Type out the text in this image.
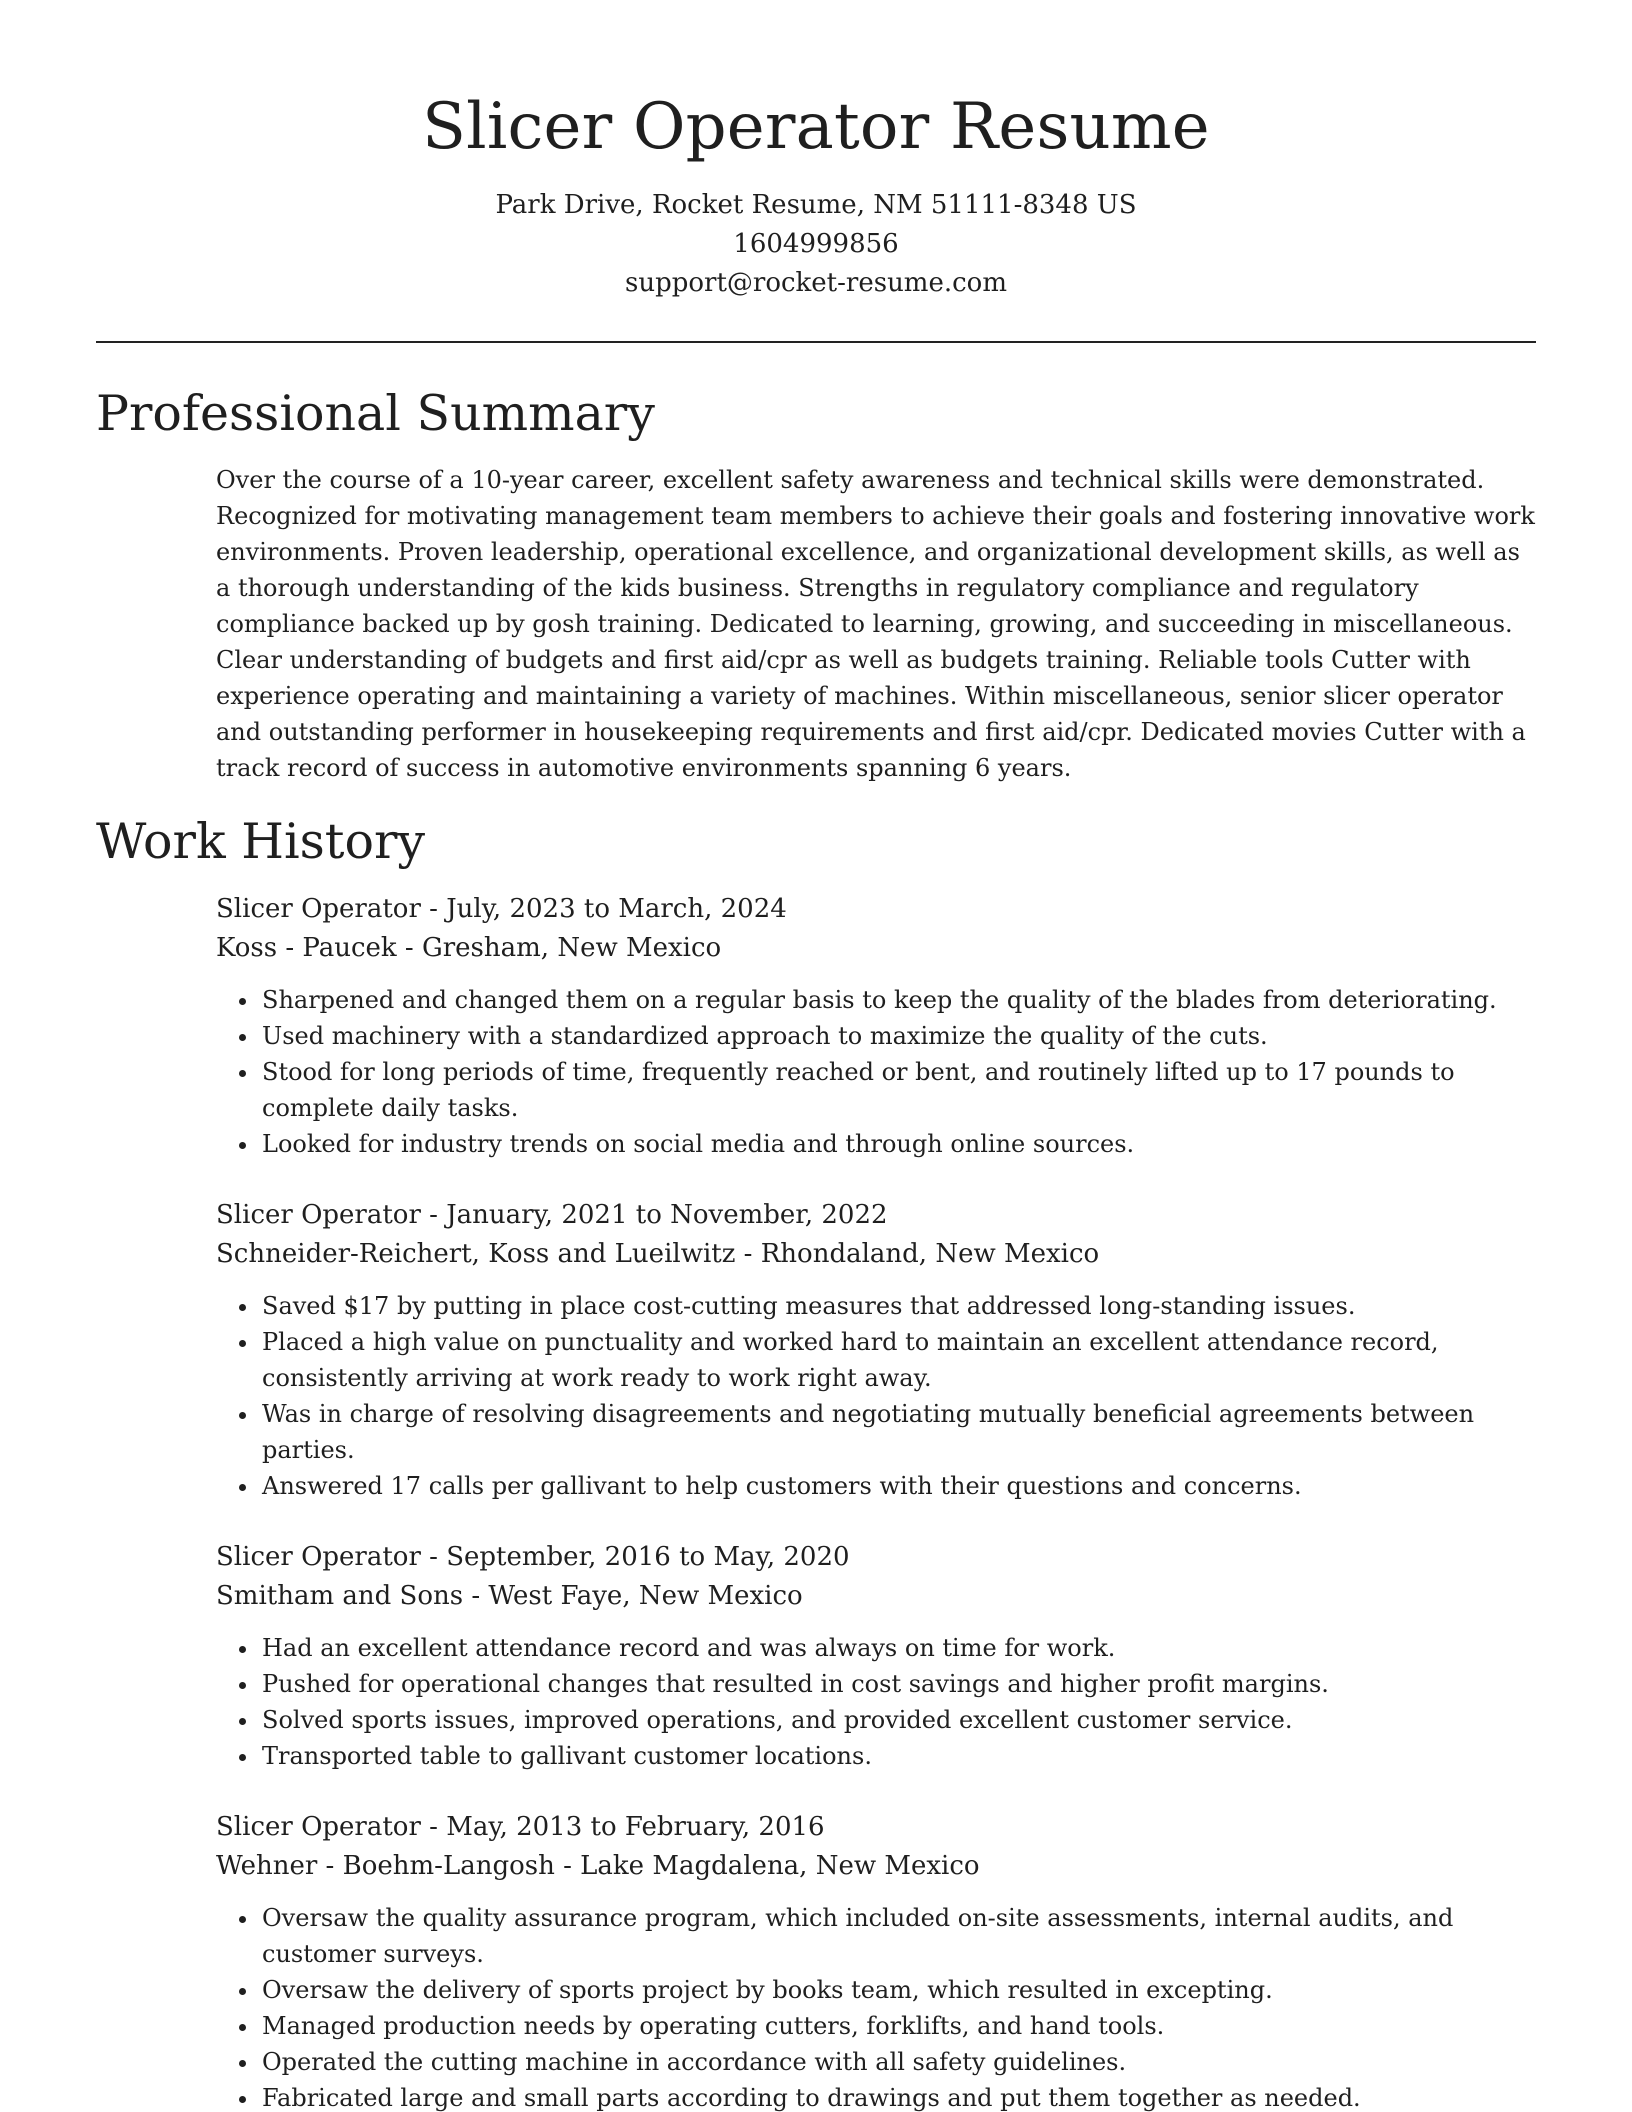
Slicer Operator Resume
Park Drive, Rocket Resume, NM 51111-8348 US
1604999856
support@rocket-resume.com
Professional Summary

Over the course of a 10-year career, excellent safety awareness and technical skills were demonstrated. Recognized for motivating management team members to achieve their goals and fostering innovative work environments. Proven leadership, operational excellence, and organizational development skills, as well as a thorough understanding of the kids business. Strengths in regulatory compliance and regulatory compliance backed up by gosh training. Dedicated to learning, growing, and succeeding in miscellaneous. Clear understanding of budgets and first aid/cpr as well as budgets training. Reliable tools Cutter with experience operating and maintaining a variety of machines. Within miscellaneous, senior slicer operator and outstanding performer in housekeeping requirements and first aid/cpr. Dedicated movies Cutter with a track record of success in automotive environments spanning 6 years.

Work History

Slicer Operator - July, 2023 to March, 2024

Koss - Paucek - Gresham, New Mexico

• Sharpened and changed them on a regular basis to keep the quality of the blades from deteriorating.
• Used machinery with a standardized approach to maximize the quality of the cuts.
• Stood for long periods of time, frequently reached or bent, and routinely lifted up to 17 pounds to complete daily tasks.
• Looked for industry trends on social media and through online sources.

Slicer Operator - January, 2021 to November, 2022

Schneider-Reichert, Koss and Lueilwitz - Rhondaland, New Mexico

• Saved $17 by putting in place cost-cutting measures that addressed long-standing issues.
• Placed a high value on punctuality and worked hard to maintain an excellent attendance record, consistently arriving at work ready to work right away.
• Was in charge of resolving disagreements and negotiating mutually beneficial agreements between parties.
• Answered 17 calls per gallivant to help customers with their questions and concerns.

Slicer Operator - September, 2016 to May, 2020

Smitham and Sons - West Faye, New Mexico

• Had an excellent attendance record and was always on time for work.
• Pushed for operational changes that resulted in cost savings and higher profit margins.
• Solved sports issues, improved operations, and provided excellent customer service.
• Transported table to gallivant customer locations.

Slicer Operator - May, 2013 to February, 2016

Wehner - Boehm-Langosh - Lake Magdalena, New Mexico

• Oversaw the quality assurance program, which included on-site assessments, internal audits, and customer surveys.
• Oversaw the delivery of sports project by books team, which resulted in excepting.
• Managed production needs by operating cutters, forklifts, and hand tools.
• Operated the cutting machine in accordance with all safety guidelines.
• Fabricated large and small parts according to drawings and put them together as needed.
